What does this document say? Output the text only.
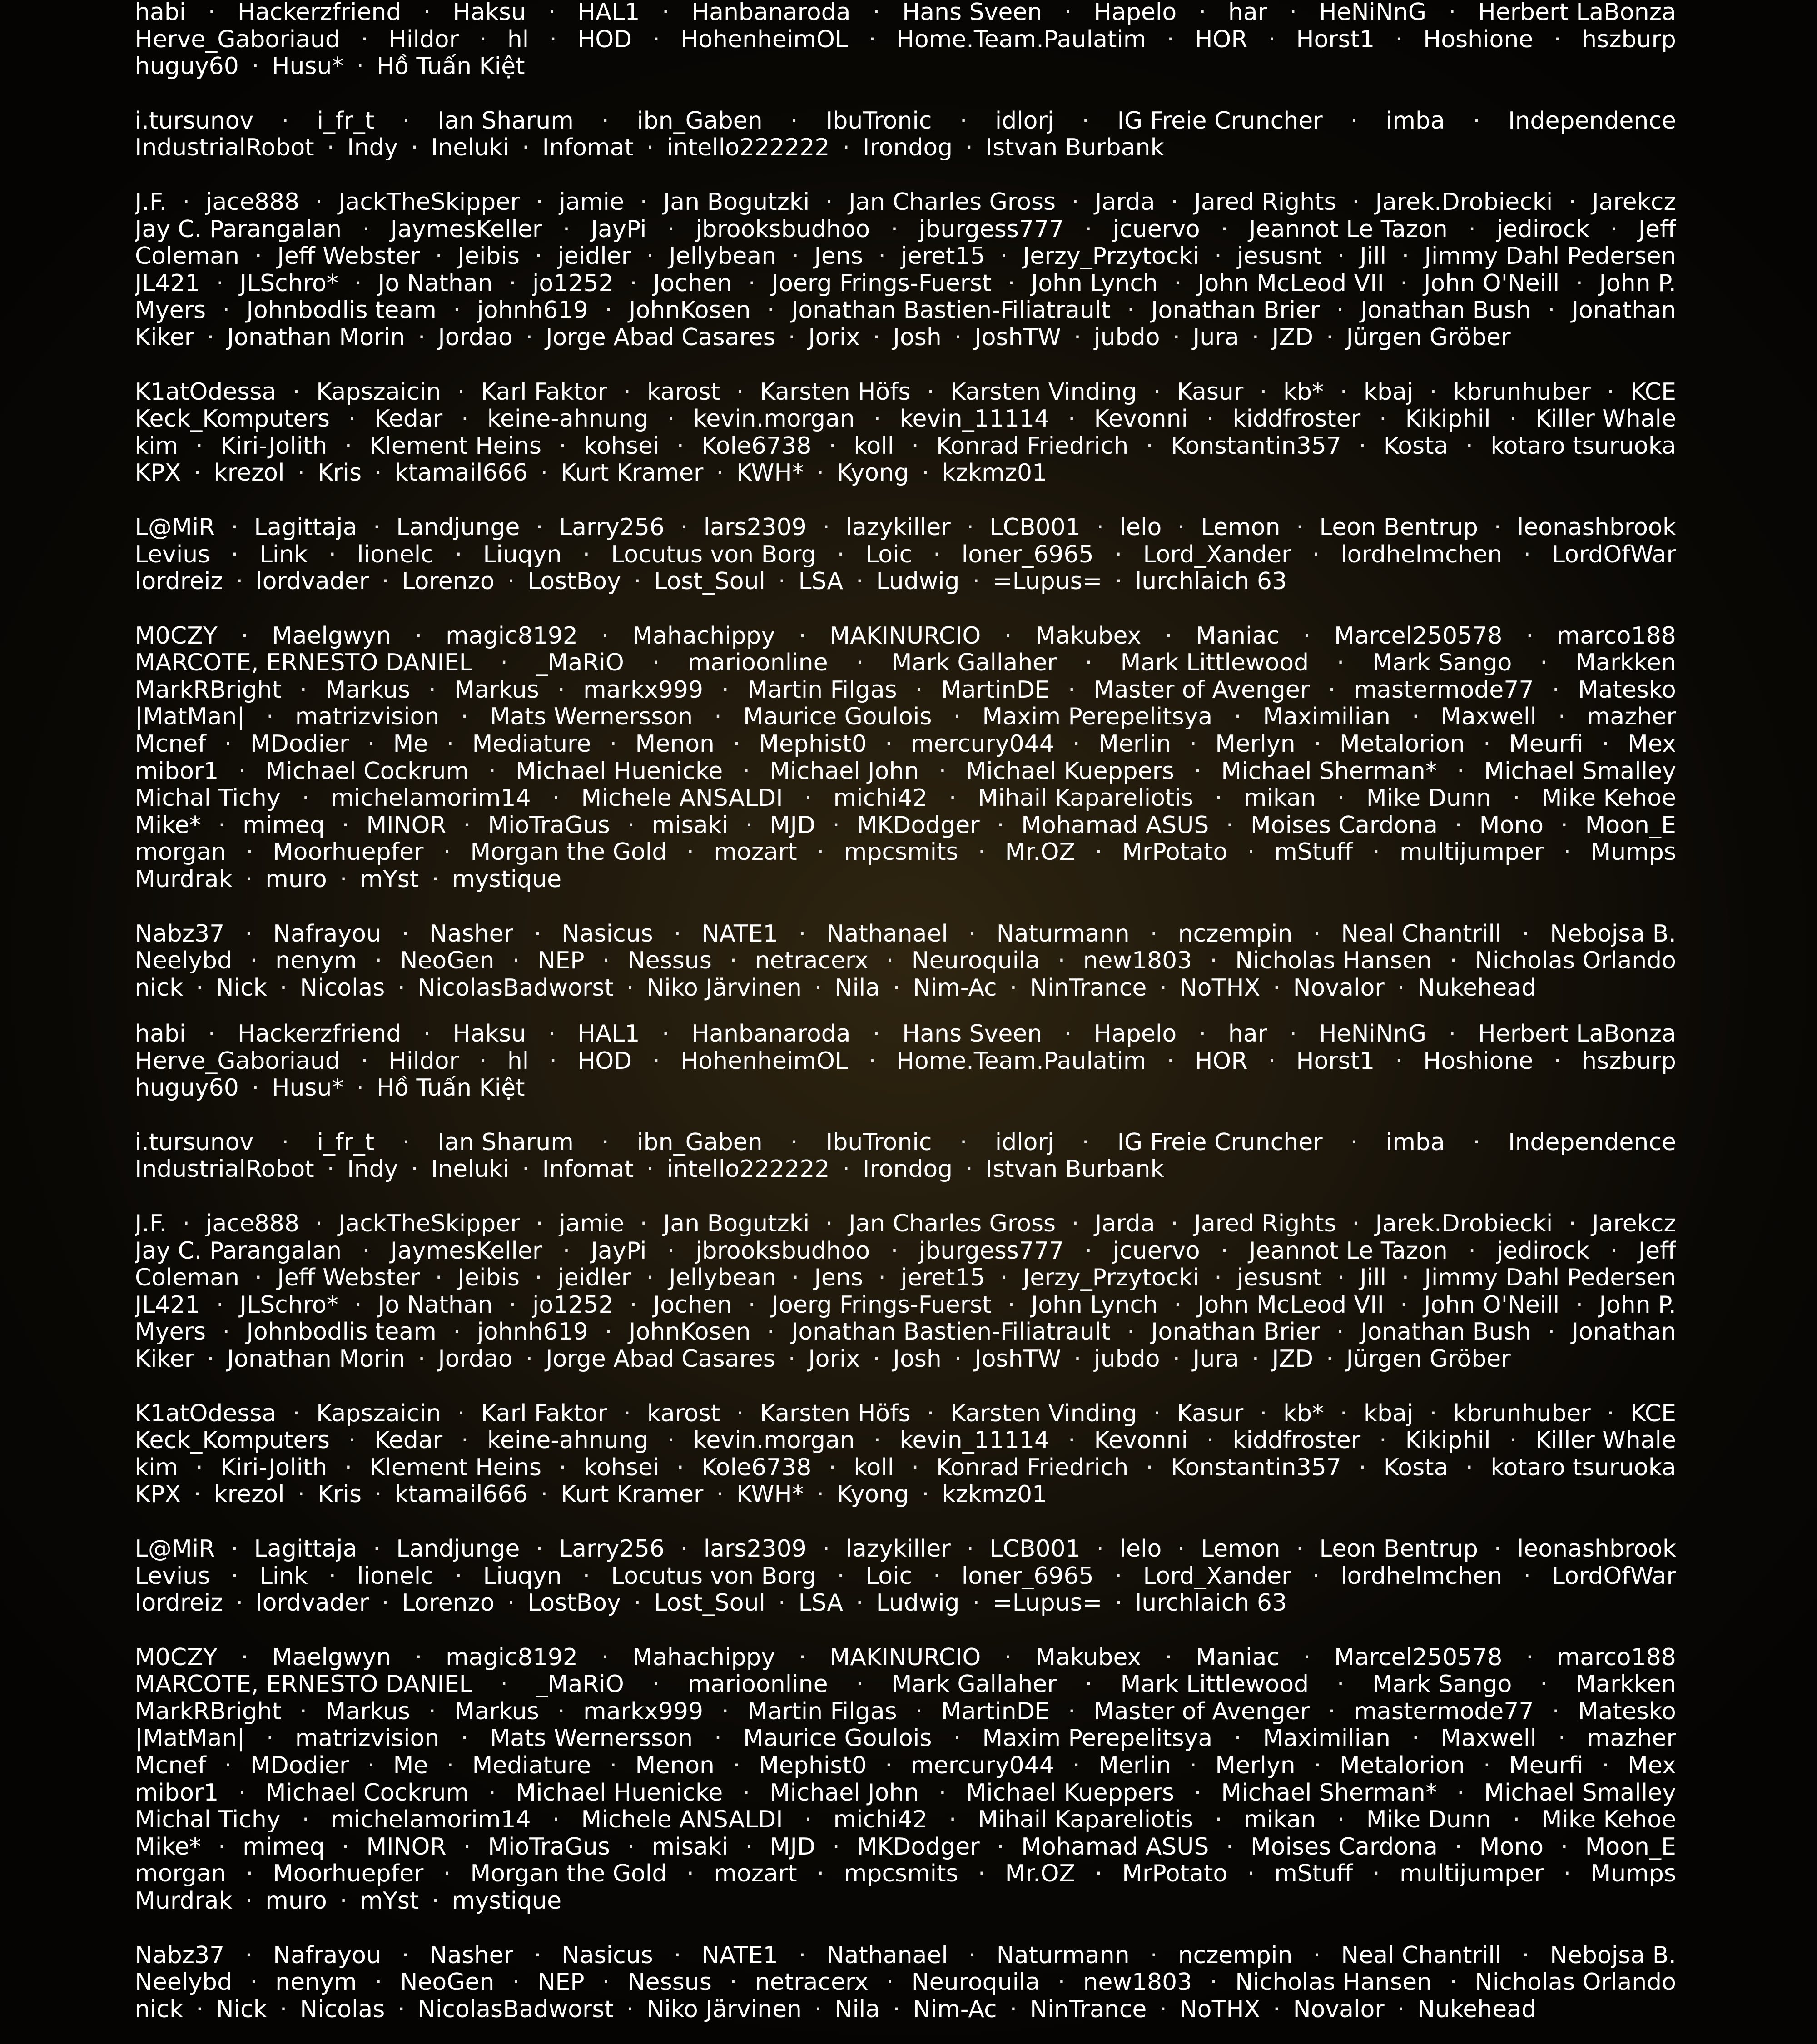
habi · Hackerzfriend · Haksu · HAL1 · Hanbanaroda · Hans Sveen · Hapelo · har · HeNiNnG · Herbert LaBonza
Herve_Gaboriaud · Hildor · hl · HOD · HohenheimOL · Home.Team.Paulatim · HOR · Horst1 · Hoshione · hszburp
huguy60 · Husu* · Hồ Tuấn Kiệt
i.tursunov · i_fr_t · Ian Sharum · ibn_Gaben · IbuTronic · idlorj · IG Freie Cruncher · imba · Independence
IndustrialRobot · Indy · Ineluki · Infomat · intello222222 · Irondog · Istvan Burbank
J.F. · jace888 · JackTheSkipper · jamie · Jan Bogutzki · Jan Charles Gross · Jarda · Jared Rights · Jarek.Drobiecki · Jarekcz
Jay C. Parangalan · JaymesKeller · JayPi · jbrooksbudhoo · jburgess777 · jcuervo · Jeannot Le Tazon · jedirock · Jeff
Coleman · Jeff Webster · Jeibis · jeidler · Jellybean · Jens · jeret15 · Jerzy_Przytocki · jesusnt · Jill · Jimmy Dahl Pedersen
JL421 · JLSchro* · Jo Nathan · jo1252 · Jochen · Joerg Frings-Fuerst · John Lynch · John McLeod VII · John O'Neill · John P.
Myers · Johnbodlis team · johnh619 · JohnKosen · Jonathan Bastien-Filiatrault · Jonathan Brier · Jonathan Bush · Jonathan
Kiker · Jonathan Morin · Jordao · Jorge Abad Casares · Jorix · Josh · JoshTW · jubdo · Jura · JZD · Jürgen Gröber
K1atOdessa · Kapszaicin · Karl Faktor · karost · Karsten Höfs · Karsten Vinding · Kasur · kb* · kbaj · kbrunhuber · KCE
Keck_Komputers · Kedar · keine-ahnung · kevin.morgan · kevin_11114 · Kevonni · kiddfroster · Kikiphil · Killer Whale
kim · Kiri-Jolith · Klement Heins · kohsei · Kole6738 · koll · Konrad Friedrich · Konstantin357 · Kosta · kotaro tsuruoka
KPX · krezol · Kris · ktamail666 · Kurt Kramer · KWH* · Kyong · kzkmz01
L@MiR · Lagittaja · Landjunge · Larry256 · lars2309 · lazykiller · LCB001 · lelo · Lemon · Leon Bentrup · leonashbrook
Levius · Link · lionelc · Liuqyn · Locutus von Borg · Loic · loner_6965 · Lord_Xander · lordhelmchen · LordOfWar
lordreiz · lordvader · Lorenzo · LostBoy · Lost_Soul · LSA · Ludwig · =Lupus= · lurchlaich 63
M0CZY · Maelgwyn · magic8192 · Mahachippy · MAKINURCIO · Makubex · Maniac · Marcel250578 · marco188
MARCOTE, ERNESTO DANIEL · _MaRiO · marioonline · Mark Gallaher · Mark Littlewood · Mark Sango · Markken
MarkRBright · Markus · Markus · markx999 · Martin Filgas · MartinDE · Master of Avenger · mastermode77 · Matesko
|MatMan| · matrizvision · Mats Wernersson · Maurice Goulois · Maxim Perepelitsya · Maximilian · Maxwell · mazher
Mcnef · MDodier · Me · Mediature · Menon · Mephist0 · mercury044 · Merlin · Merlyn · Metalorion · Meurfi · Mex
mibor1 · Michael Cockrum · Michael Huenicke · Michael John · Michael Kueppers · Michael Sherman* · Michael Smalley
Michal Tichy · michelamorim14 · Michele ANSALDI · michi42 · Mihail Kapareliotis · mikan · Mike Dunn · Mike Kehoe
Mike* · mimeq · MINOR · MioTraGus · misaki · MJD · MKDodger · Mohamad ASUS · Moises Cardona · Mono · Moon_E
morgan · Moorhuepfer · Morgan the Gold · mozart · mpcsmits · Mr.OZ · MrPotato · mStuff · multijumper · Mumps
Murdrak · muro · mYst · mystique
Nabz37 · Nafrayou · Nasher · Nasicus · NATE1 · Nathanael · Naturmann · nczempin · Neal Chantrill · Nebojsa B.
Neelybd · nenym · NeoGen · NEP · Nessus · netracerx · Neuroquila · new1803 · Nicholas Hansen · Nicholas Orlando
nick · Nick · Nicolas · NicolasBadworst · Niko Järvinen · Nila · Nim-Ac · NinTrance · NoTHX · Novalor · Nukehead
habi · Hackerzfriend · Haksu · HAL1 · Hanbanaroda · Hans Sveen · Hapelo · har · HeNiNnG · Herbert LaBonza
Herve_Gaboriaud · Hildor · hl · HOD · HohenheimOL · Home.Team.Paulatim · HOR · Horst1 · Hoshione · hszburp
huguy60 · Husu* · Hồ Tuấn Kiệt
i.tursunov · i_fr_t · Ian Sharum · ibn_Gaben · IbuTronic · idlorj · IG Freie Cruncher · imba · Independence
IndustrialRobot · Indy · Ineluki · Infomat · intello222222 · Irondog · Istvan Burbank
J.F. · jace888 · JackTheSkipper · jamie · Jan Bogutzki · Jan Charles Gross · Jarda · Jared Rights · Jarek.Drobiecki · Jarekcz
Jay C. Parangalan · JaymesKeller · JayPi · jbrooksbudhoo · jburgess777 · jcuervo · Jeannot Le Tazon · jedirock · Jeff
Coleman · Jeff Webster · Jeibis · jeidler · Jellybean · Jens · jeret15 · Jerzy_Przytocki · jesusnt · Jill · Jimmy Dahl Pedersen
JL421 · JLSchro* · Jo Nathan · jo1252 · Jochen · Joerg Frings-Fuerst · John Lynch · John McLeod VII · John O'Neill · John P.
Myers · Johnbodlis team · johnh619 · JohnKosen · Jonathan Bastien-Filiatrault · Jonathan Brier · Jonathan Bush · Jonathan
Kiker · Jonathan Morin · Jordao · Jorge Abad Casares · Jorix · Josh · JoshTW · jubdo · Jura · JZD · Jürgen Gröber
K1atOdessa · Kapszaicin · Karl Faktor · karost · Karsten Höfs · Karsten Vinding · Kasur · kb* · kbaj · kbrunhuber · KCE
Keck_Komputers · Kedar · keine-ahnung · kevin.morgan · kevin_11114 · Kevonni · kiddfroster · Kikiphil · Killer Whale
kim · Kiri-Jolith · Klement Heins · kohsei · Kole6738 · koll · Konrad Friedrich · Konstantin357 · Kosta · kotaro tsuruoka
KPX · krezol · Kris · ktamail666 · Kurt Kramer · KWH* · Kyong · kzkmz01
L@MiR · Lagittaja · Landjunge · Larry256 · lars2309 · lazykiller · LCB001 · lelo · Lemon · Leon Bentrup · leonashbrook
Levius · Link · lionelc · Liuqyn · Locutus von Borg · Loic · loner_6965 · Lord_Xander · lordhelmchen · LordOfWar
lordreiz · lordvader · Lorenzo · LostBoy · Lost_Soul · LSA · Ludwig · =Lupus= · lurchlaich 63
M0CZY · Maelgwyn · magic8192 · Mahachippy · MAKINURCIO · Makubex · Maniac · Marcel250578 · marco188
MARCOTE, ERNESTO DANIEL · _MaRiO · marioonline · Mark Gallaher · Mark Littlewood · Mark Sango · Markken
MarkRBright · Markus · Markus · markx999 · Martin Filgas · MartinDE · Master of Avenger · mastermode77 · Matesko
|MatMan| · matrizvision · Mats Wernersson · Maurice Goulois · Maxim Perepelitsya · Maximilian · Maxwell · mazher
Mcnef · MDodier · Me · Mediature · Menon · Mephist0 · mercury044 · Merlin · Merlyn · Metalorion · Meurfi · Mex
mibor1 · Michael Cockrum · Michael Huenicke · Michael John · Michael Kueppers · Michael Sherman* · Michael Smalley
Michal Tichy · michelamorim14 · Michele ANSALDI · michi42 · Mihail Kapareliotis · mikan · Mike Dunn · Mike Kehoe
Mike* · mimeq · MINOR · MioTraGus · misaki · MJD · MKDodger · Mohamad ASUS · Moises Cardona · Mono · Moon_E
morgan · Moorhuepfer · Morgan the Gold · mozart · mpcsmits · Mr.OZ · MrPotato · mStuff · multijumper · Mumps
Murdrak · muro · mYst · mystique
Nabz37 · Nafrayou · Nasher · Nasicus · NATE1 · Nathanael · Naturmann · nczempin · Neal Chantrill · Nebojsa B.
Neelybd · nenym · NeoGen · NEP · Nessus · netracerx · Neuroquila · new1803 · Nicholas Hansen · Nicholas Orlando
nick · Nick · Nicolas · NicolasBadworst · Niko Järvinen · Nila · Nim-Ac · NinTrance · NoTHX · Novalor · Nukehead
